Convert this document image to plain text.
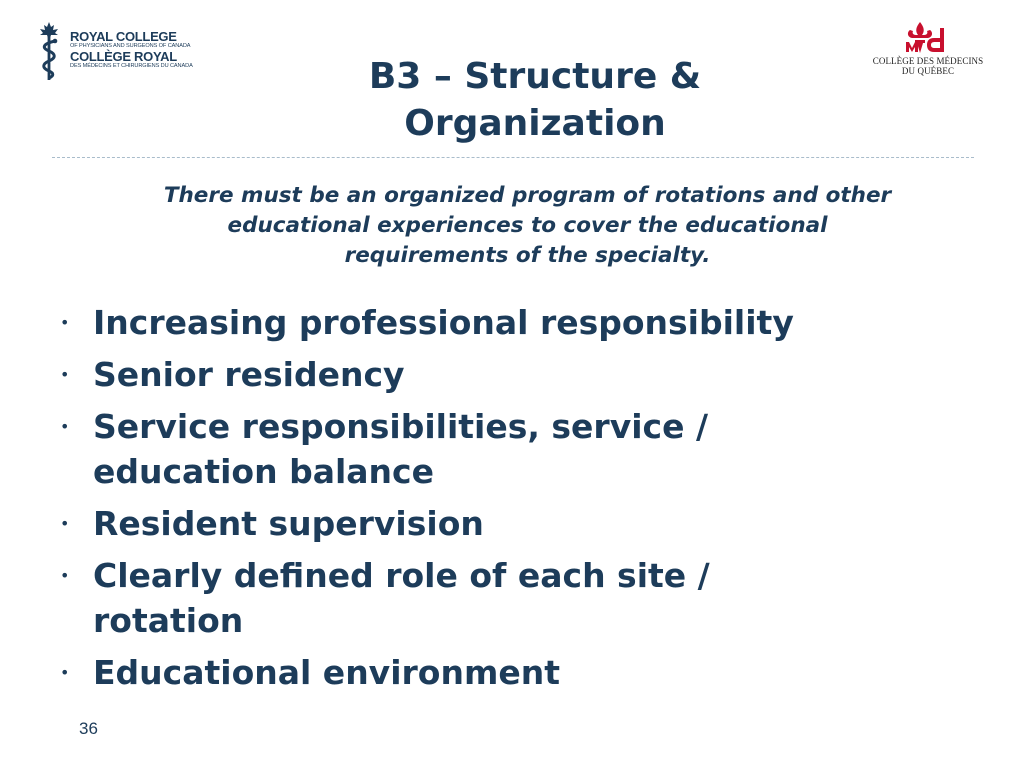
ROYAL COLLEGE
OF PHYSICIANS AND SURGEONS OF CANADA
COLLÈGE ROYAL
DES MÉDECINS ET CHIRURGIENS DU CANADA	COLLÈGE DES MÉDECINS
DU QUÉBEC
B3 – Structure &
Organization

There must be an organized program of rotations and other
educational experiences to cover the educational
requirements of the specialty.

• Increasing professional responsibility
• Senior residency
• Service responsibilities, service /
education balance
• Resident supervision
• Clearly defined role of each site /
rotation
• Educational environment
36
